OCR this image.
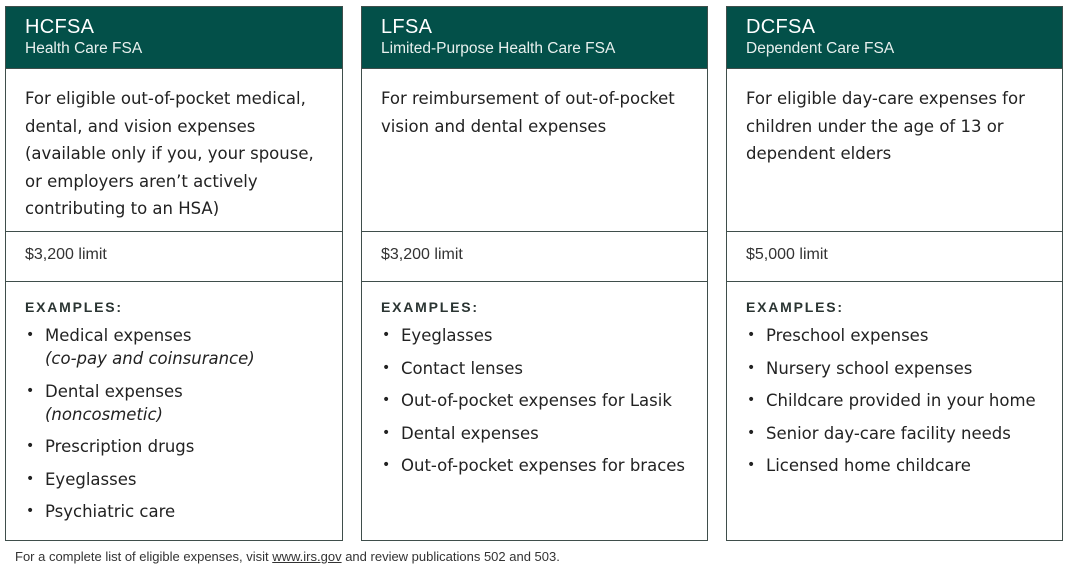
HCFSA
Health Care FSA
For eligible out-of-pocket medical, dental, and vision expenses (available only if you, your spouse, or employers aren’t actively contributing to an HSA)
$3,200 limit
EXAMPLES:
• Medical expenses
(co-pay and coinsurance)
• Dental expenses
(noncosmetic)
• Prescription drugs
• Eyeglasses
• Psychiatric care
LFSA
Limited-Purpose Health Care FSA
For reimbursement of out-of-pocket vision and dental expenses
$3,200 limit
EXAMPLES:
• Eyeglasses
• Contact lenses
• Out-of-pocket expenses for Lasik
• Dental expenses
• Out-of-pocket expenses for braces
DCFSA
Dependent Care FSA
For eligible day-care expenses for children under the age of 13 or dependent elders
$5,000 limit
EXAMPLES:
• Preschool expenses
• Nursery school expenses
• Childcare provided in your home
• Senior day-care facility needs
• Licensed home childcare
For a complete list of eligible expenses, visit www.irs.gov and review publications 502 and 503.
